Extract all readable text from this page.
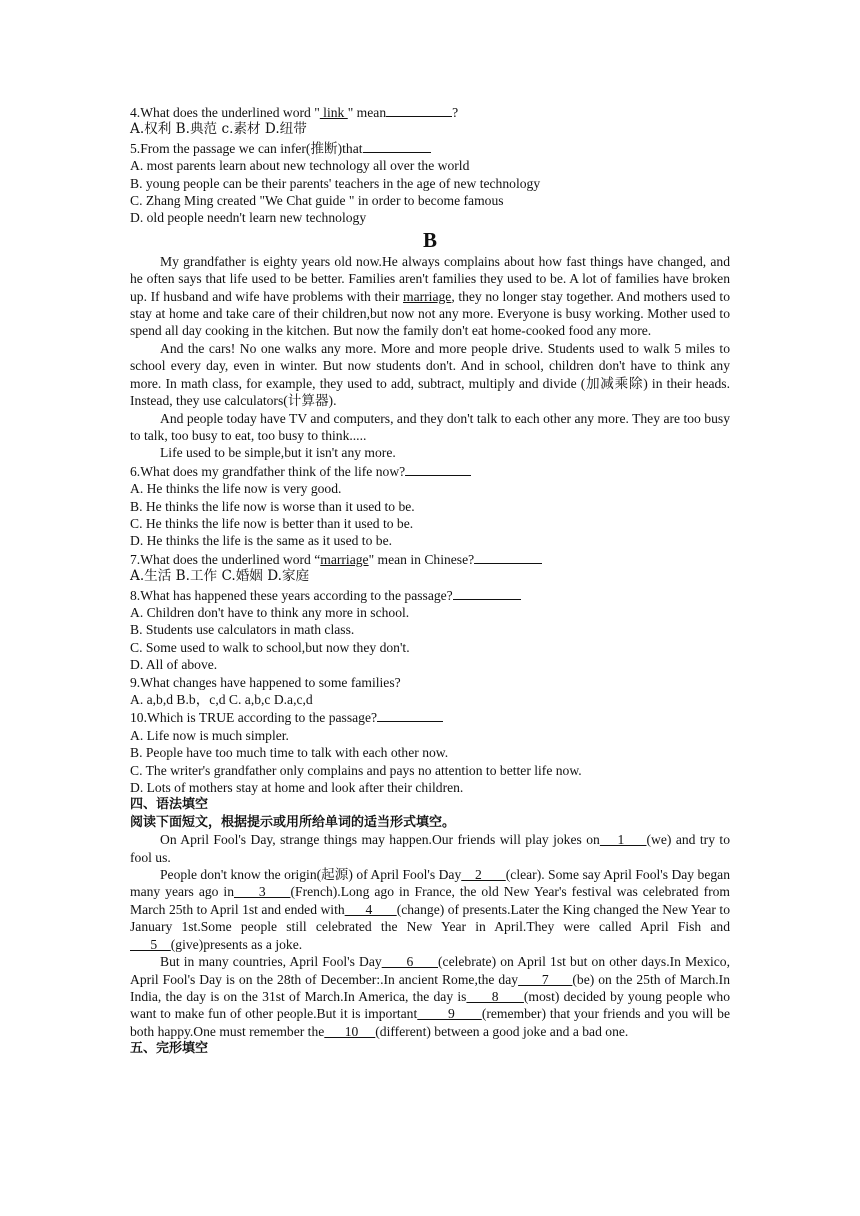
4.What does the underlined word " link " mean	?
A.权利 B.典范 c.素材 D.纽带
5.From the passage we can infer(推断)that
A. most parents learn about new technology all over the world
B. young people can be their parents' teachers in the age of new technology
C. Zhang Ming created "We Chat guide " in order to become famous
D. old people needn't learn new technology
B

My grandfather is eighty years old now.He always complains about how fast things have changed, and he often says that life used to be better. Families aren't families they used to be. A lot of families have broken up. If husband and wife have problems with their marriage, they no longer stay together. And mothers used to stay at home and take care of their children,but now not any more. Everyone is busy working. Mother used to spend all day cooking in the kitchen. But now the family don't eat home-cooked food any more.

And the cars! No one walks any more. More and more people drive. Students used to walk 5 miles to school every day, even in winter. But now students don't. And in school, children don't have to think any more. In math class, for example, they used to add, subtract, multiply and divide (加减乘除) in their heads. Instead, they use calculators(计算器).

And people today have TV and computers, and they don't talk to each other any more. They are too busy to talk, too busy to eat, too busy to think.....

Life used to be simple,but it isn't any more.

6.What does my grandfather think of the life now?
A. He thinks the life now is very good.
B. He thinks the life now is worse than it used to be.
C. He thinks the life now is better than it used to be.
D. He thinks the life is the same as it used to be.
7.What does the underlined word “marriage" mean in Chinese?
A.生活 B.工作 C.婚姻 D.家庭
8.What has happened these years according to the passage?
A. Children don't have to think any more in school.
B. Students use calculators in math class.
C. Some used to walk to school,but now they don't.
D. All of above.
9.What changes have happened to some families?
A. a,b,d B.b，c,d C. a,b,c D.a,c,d
10.Which is TRUE according to the passage?
A. Life now is much simpler.
B. People have too much time to talk with each other now.
C. The writer's grandfather only complains and pays no attention to better life now.
D. Lots of mothers stay at home and look after their children.
四、语法填空
阅读下面短文，根据提示或用所给单词的适当形式填空。

On April Fool's Day, strange things may happen.Our friends will play jokes on    1     (we) and try to fool us.

People don't know the origin(起源) of April Fool's Day    2       (clear). Some say April Fool's Day began many years ago in     3     (French).Long ago in France, the old New Year's festival was celebrated from March 25th to April 1st and ended with      4       (change) of presents.Later the King changed the New Year to January 1st.Some people still celebrated the New Year in April.They were called April Fish and       5    (give)presents as a joke.

But in many countries, April Fool's Day      6      (celebrate) on April 1st but on other days.In Mexico, April Fool's Day is on the 28th of December:.In ancient Rome,the day      7      (be) on the 25th of March.In India, the day is on the 31st of March.In America, the day is      8      (most) decided by young people who want to make fun of other people.But it is important        9       (remember) that your friends and you will be both happy.One must remember the      10     (different) between a good joke and a bad one.

五、完形填空
